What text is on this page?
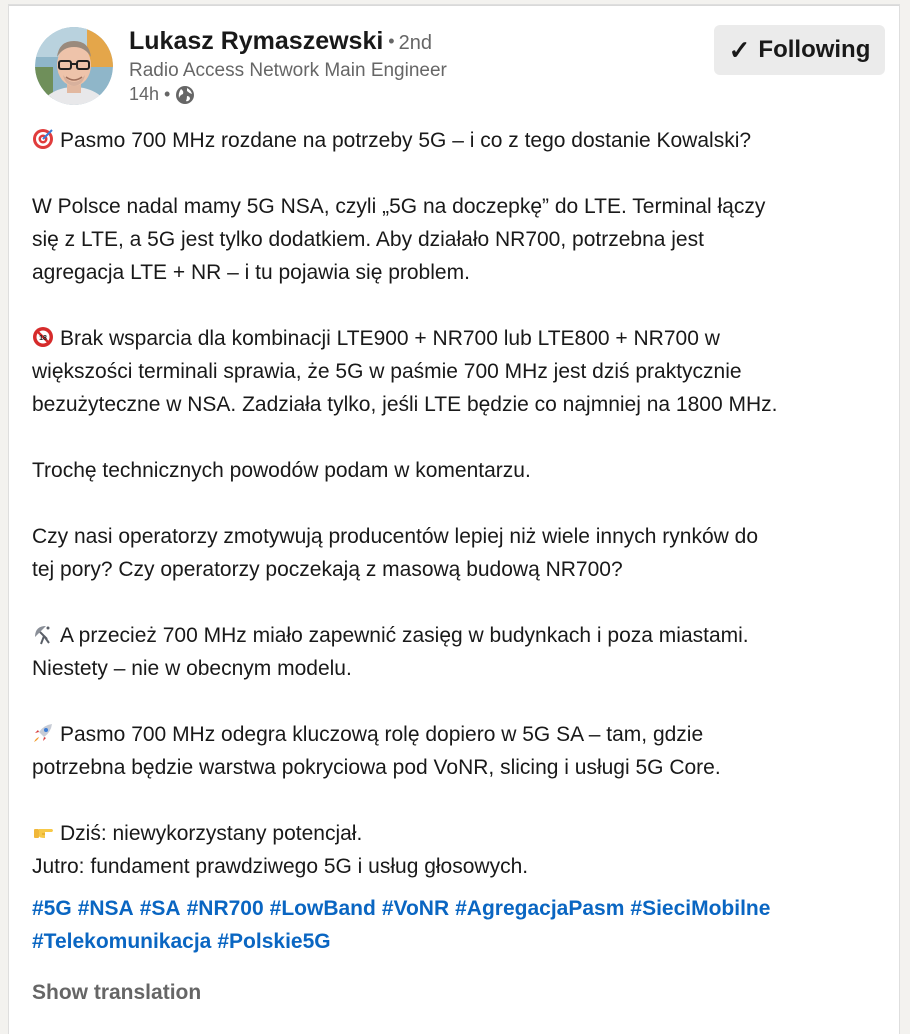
Lukasz Rymaszewski • 2nd
Radio Access Network Main Engineer
14h •
✓ Following
Pasmo 700 MHz rozdane na potrzeby 5G – i co z tego dostanie Kowalski?
W Polsce nadal mamy 5G NSA, czyli „5G na doczepkę” do LTE. Terminal łączy
się z LTE, a 5G jest tylko dodatkiem. Aby działało NR700, potrzebna jest
agregacja LTE + NR – i tu pojawia się problem.
18 Brak wsparcia dla kombinacji LTE900 + NR700 lub LTE800 + NR700 w
większości terminali sprawia, że 5G w paśmie 700 MHz jest dziś praktycznie
bezużyteczne w NSA. Zadziała tylko, jeśli LTE będzie co najmniej na 1800 MHz.
Trochę technicznych powodów podam w komentarzu.
Czy nasi operatorzy zmotywują producentów lepiej niż wiele innych rynków do
tej pory? Czy operatorzy poczekają z masową budową NR700?
A przecież 700 MHz miało zapewnić zasięg w budynkach i poza miastami.
Niestety – nie w obecnym modelu.
Pasmo 700 MHz odegra kluczową rolę dopiero w 5G SA – tam, gdzie
potrzebna będzie warstwa pokryciowa pod VoNR, slicing i usługi 5G Core.
Dziś: niewykorzystany potencjał.
Jutro: fundament prawdziwego 5G i usług głosowych.
#5G #NSA #SA #NR700 #LowBand #VoNR #AgregacjaPasm #SieciMobilne
#Telekomunikacja #Polskie5G
Show translation
